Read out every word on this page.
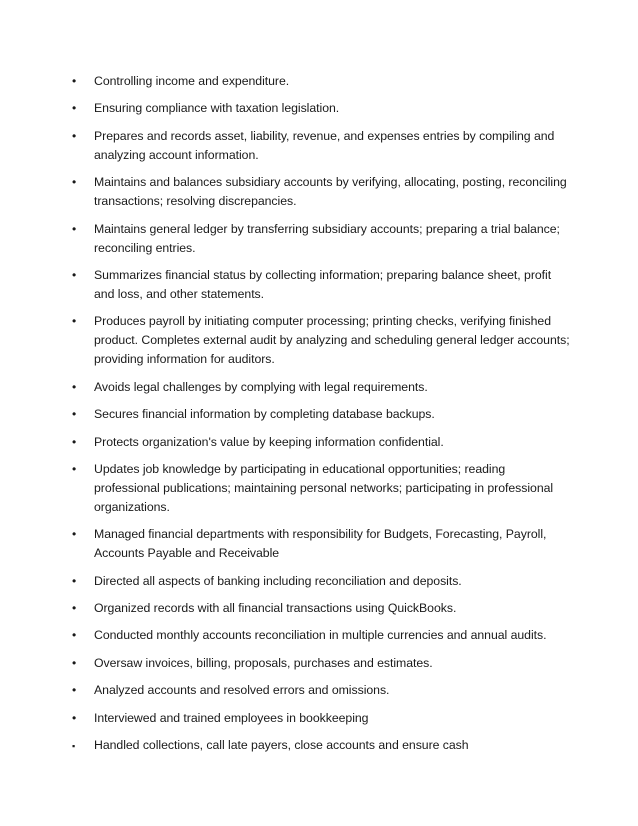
•	Controlling income and expenditure.
•	Ensuring compliance with taxation legislation.
•	Prepares and records asset, liability, revenue, and expenses entries by compiling and analyzing account information.
•	Maintains and balances subsidiary accounts by verifying, allocating, posting, reconciling transactions; resolving discrepancies.
•	Maintains general ledger by transferring subsidiary accounts; preparing a trial balance; reconciling entries.
•	Summarizes financial status by collecting information; preparing balance sheet, profit and loss, and other statements.
•	Produces payroll by initiating computer processing; printing checks, verifying finished product. Completes external audit by analyzing and scheduling general ledger accounts; providing information for auditors.
•	Avoids legal challenges by complying with legal requirements.
•	Secures financial information by completing database backups.
•	Protects organization's value by keeping information confidential.
•	Updates job knowledge by participating in educational opportunities; reading professional publications; maintaining personal networks; participating in professional organizations.
•	Managed financial departments with responsibility for Budgets, Forecasting, Payroll, Accounts Payable and Receivable
•	Directed all aspects of banking including reconciliation and deposits.
•	Organized records with all financial transactions using QuickBooks.
•	Conducted monthly accounts reconciliation in multiple currencies and annual audits.
•	Oversaw invoices, billing, proposals, purchases and estimates.
•	Analyzed accounts and resolved errors and omissions.
•	Interviewed and trained employees in bookkeeping
▪	Handled collections, call late payers, close accounts and ensure cash
